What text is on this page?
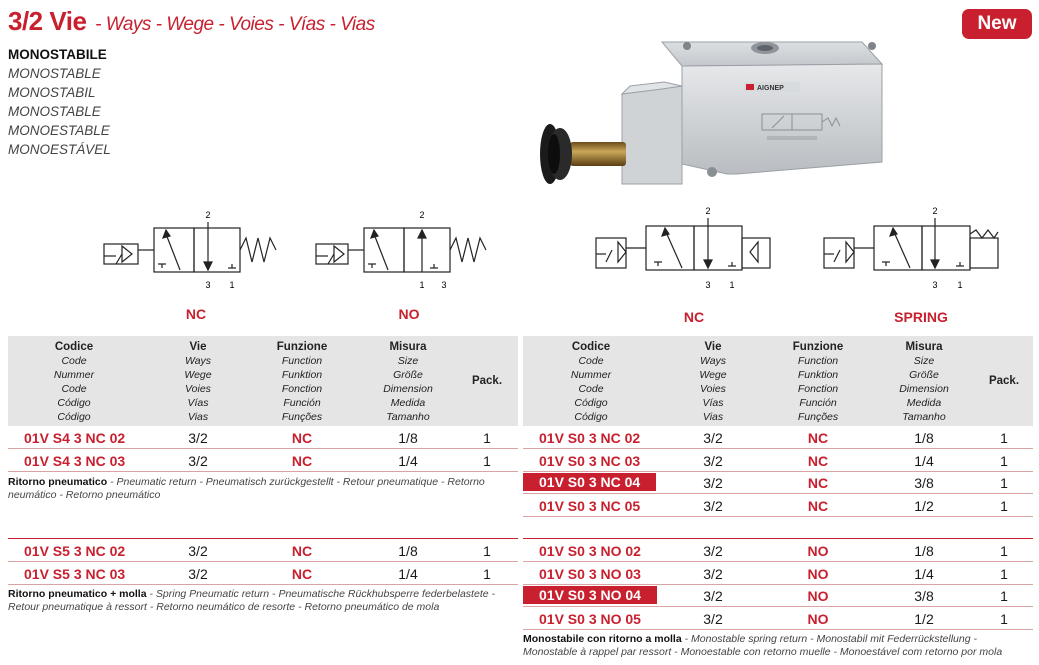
3/2 Vie - Ways - Wege - Voies - Vías - Vias	New
MONOSTABILE
MONOSTABLE
MONOSTABIL
MONOSTABLE
MONOESTABLE
MONOESTÁVEL
AIGNEP
2
3 1
NC
2
1 3
NO
2
3 1
NC
2
3 1
SPRING
Codice
Code
Nummer
Code
Código
Código
Vie
Ways
Wege
Voies
Vías
Vias
Funzione
Function
Funktion
Fonction
Función
Funções
Misura
Size
Größe
Dimension
Medida
Tamanho
Pack.
01V S4 3 NC 02	3/2	NC	1/8	1
01V S4 3 NC 03	3/2	NC	1/4	1
Ritorno pneumatico - Pneumatic return - Pneumatisch zurückgestellt - Retour pneumatique - Retorno neumático - Retorno pneumático
01V S5 3 NC 02	3/2	NC	1/8	1
01V S5 3 NC 03	3/2	NC	1/4	1
Ritorno pneumatico + molla - Spring Pneumatic return - Pneumatische Rückhubsperre federbelastete - Retour pneumatique à ressort - Retorno neumático de resorte - Retorno pneumático de mola
Codice
Code
Nummer
Code
Código
Código
Vie
Ways
Wege
Voies
Vías
Vias
Funzione
Function
Funktion
Fonction
Función
Funções
Misura
Size
Größe
Dimension
Medida
Tamanho
Pack.
01V S0 3 NC 02	3/2	NC	1/8	1
01V S0 3 NC 03	3/2	NC	1/4	1
01V S0 3 NC 04	3/2	NC	3/8	1
01V S0 3 NC 05	3/2	NC	1/2	1
01V S0 3 NO 02	3/2	NO	1/8	1
01V S0 3 NO 03	3/2	NO	1/4	1
01V S0 3 NO 04	3/2	NO	3/8	1
01V S0 3 NO 05	3/2	NO	1/2	1
Monostabile con ritorno a molla - Monostable spring return - Monostabil mit Federrückstellung - Monostable à rappel par ressort - Monoestable con retorno muelle - Monoestável com retorno por mola
